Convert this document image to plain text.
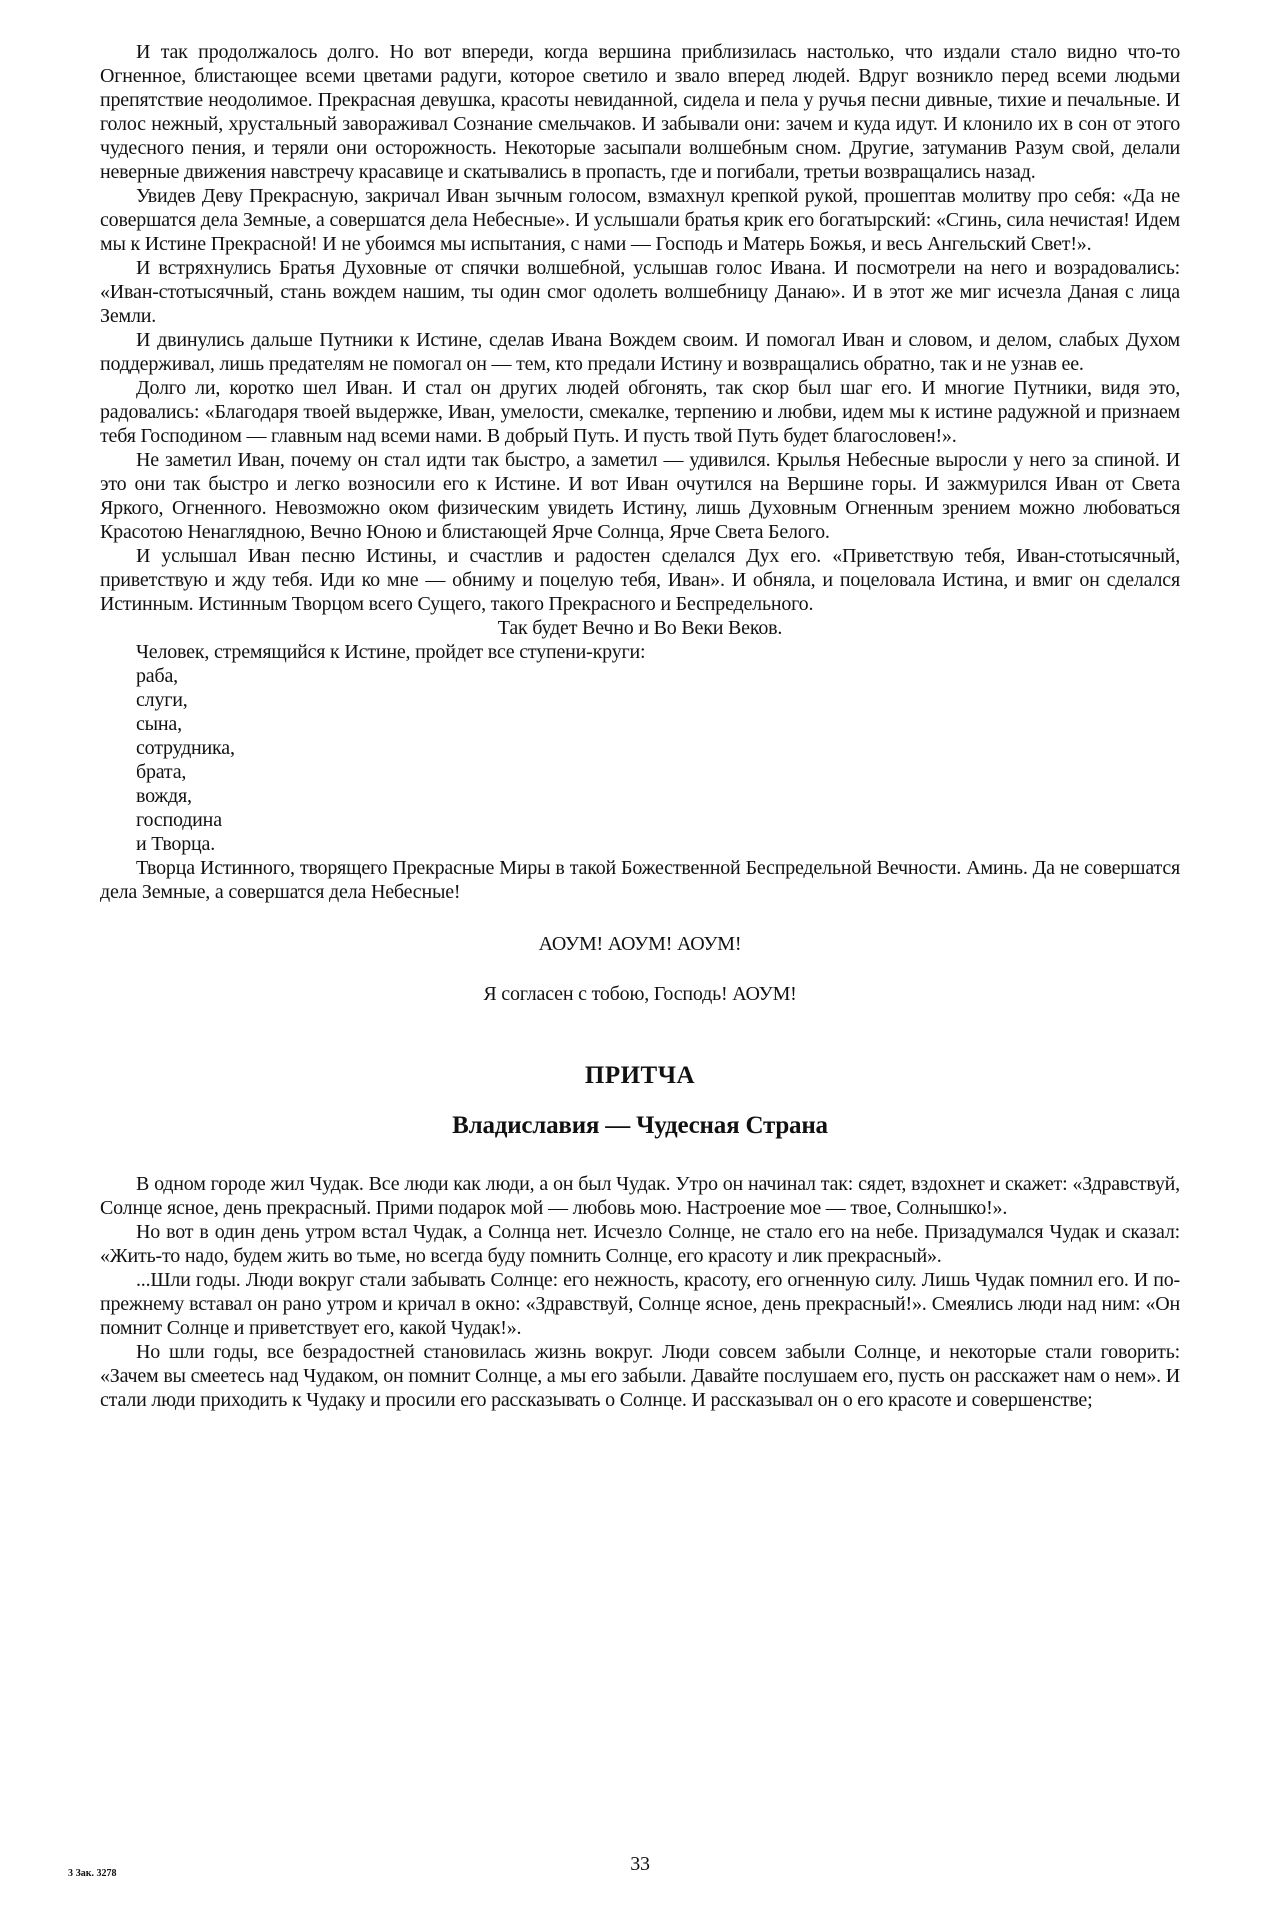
И так продолжалось долго. Но вот впереди, когда вершина приблизилась настолько, что издали стало видно что-то Огненное, блистающее всеми цветами радуги, которое светило и звало вперед людей. Вдруг возникло перед всеми людьми препятствие неодолимое. Прекрасная девушка, красоты невиданной, сидела и пела у ручья песни дивные, тихие и печальные. И голос нежный, хрустальный завораживал Сознание смельчаков. И забывали они: зачем и куда идут. И клонило их в сон от этого чудесного пения, и теряли они осторожность. Некоторые засыпали волшебным сном. Другие, затуманив Разум свой, делали неверные движения навстречу красавице и скатывались в пропасть, где и погибали, третьи возвращались назад.

Увидев Деву Прекрасную, закричал Иван зычным голосом, взмахнул крепкой рукой, прошептав молитву про себя: «Да не совершатся дела Земные, а совершатся дела Небесные». И услышали братья крик его богатырский: «Сгинь, сила нечистая! Идем мы к Истине Прекрасной! И не убоимся мы испытания, с нами — Господь и Матерь Божья, и весь Ангельский Свет!».

И встряхнулись Братья Духовные от спячки волшебной, услышав голос Ивана. И посмотрели на него и возрадовались: «Иван-стотысячный, стань вождем нашим, ты один смог одолеть волшебницу Данаю». И в этот же миг исчезла Даная с лица Земли.

И двинулись дальше Путники к Истине, сделав Ивана Вождем своим. И помогал Иван и словом, и делом, слабых Духом поддерживал, лишь предателям не помогал он — тем, кто предали Истину и возвращались обратно, так и не узнав ее.

Долго ли, коротко шел Иван. И стал он других людей обгонять, так скор был шаг его. И многие Путники, видя это, радовались: «Благодаря твоей выдержке, Иван, умелости, смекалке, терпению и любви, идем мы к истине радужной и признаем тебя Господином — главным над всеми нами. В добрый Путь. И пусть твой Путь будет благословен!».

Не заметил Иван, почему он стал идти так быстро, а заметил — удивился. Крылья Небесные выросли у него за спиной. И это они так быстро и легко возносили его к Истине. И вот Иван очутился на Вершине горы. И зажмурился Иван от Света Яркого, Огненного. Невозможно оком физическим увидеть Истину, лишь Духовным Огненным зрением можно любоваться Красотою Ненаглядною, Вечно Юною и блистающей Ярче Солнца, Ярче Света Белого.

И услышал Иван песню Истины, и счастлив и радостен сделался Дух его. «Приветствую тебя, Иван-стотысячный, приветствую и жду тебя. Иди ко мне — обниму и поцелую тебя, Иван». И обняла, и поцеловала Истина, и вмиг он сделался Истинным. Истинным Творцом всего Сущего, такого Прекрасного и Беспредельного.

Так будет Вечно и Во Веки Веков.

Человек, стремящийся к Истине, пройдет все ступени-круги:

раба,
слуги,
сына,
сотрудника,
брата,
вождя,
господина
и Творца.

Творца Истинного, творящего Прекрасные Миры в такой Божественной Беспредельной Вечности. Аминь. Да не совершатся дела Земные, а совершатся дела Небесные!

АОУМ! АОУМ! АОУМ!
Я согласен с тобою, Господь! АОУМ!
ПРИТЧА
Владиславия — Чудесная Страна

В одном городе жил Чудак. Все люди как люди, а он был Чудак. Утро он начинал так: сядет, вздохнет и скажет: «Здравствуй, Солнце ясное, день прекрасный. Прими подарок мой — любовь мою. Настроение мое — твое, Солнышко!».

Но вот в один день утром встал Чудак, а Солнца нет. Исчезло Солнце, не стало его на небе. Призадумался Чудак и сказал: «Жить-то надо, будем жить во тьме, но всегда буду помнить Солнце, его красоту и лик прекрасный».

...Шли годы. Люди вокруг стали забывать Солнце: его нежность, красоту, его огненную силу. Лишь Чудак помнил его. И по-прежнему вставал он рано утром и кричал в окно: «Здравствуй, Солнце ясное, день прекрасный!». Смеялись люди над ним: «Он помнит Солнце и приветствует его, какой Чудак!».

Но шли годы, все безрадостней становилась жизнь вокруг. Люди совсем забыли Солнце, и некоторые стали говорить: «Зачем вы смеетесь над Чудаком, он помнит Солнце, а мы его забыли. Давайте послушаем его, пусть он расскажет нам о нем». И стали люди приходить к Чудаку и просили его рассказывать о Солнце. И рассказывал он о его красоте и совершенстве;

3 Зак. 3278	33
